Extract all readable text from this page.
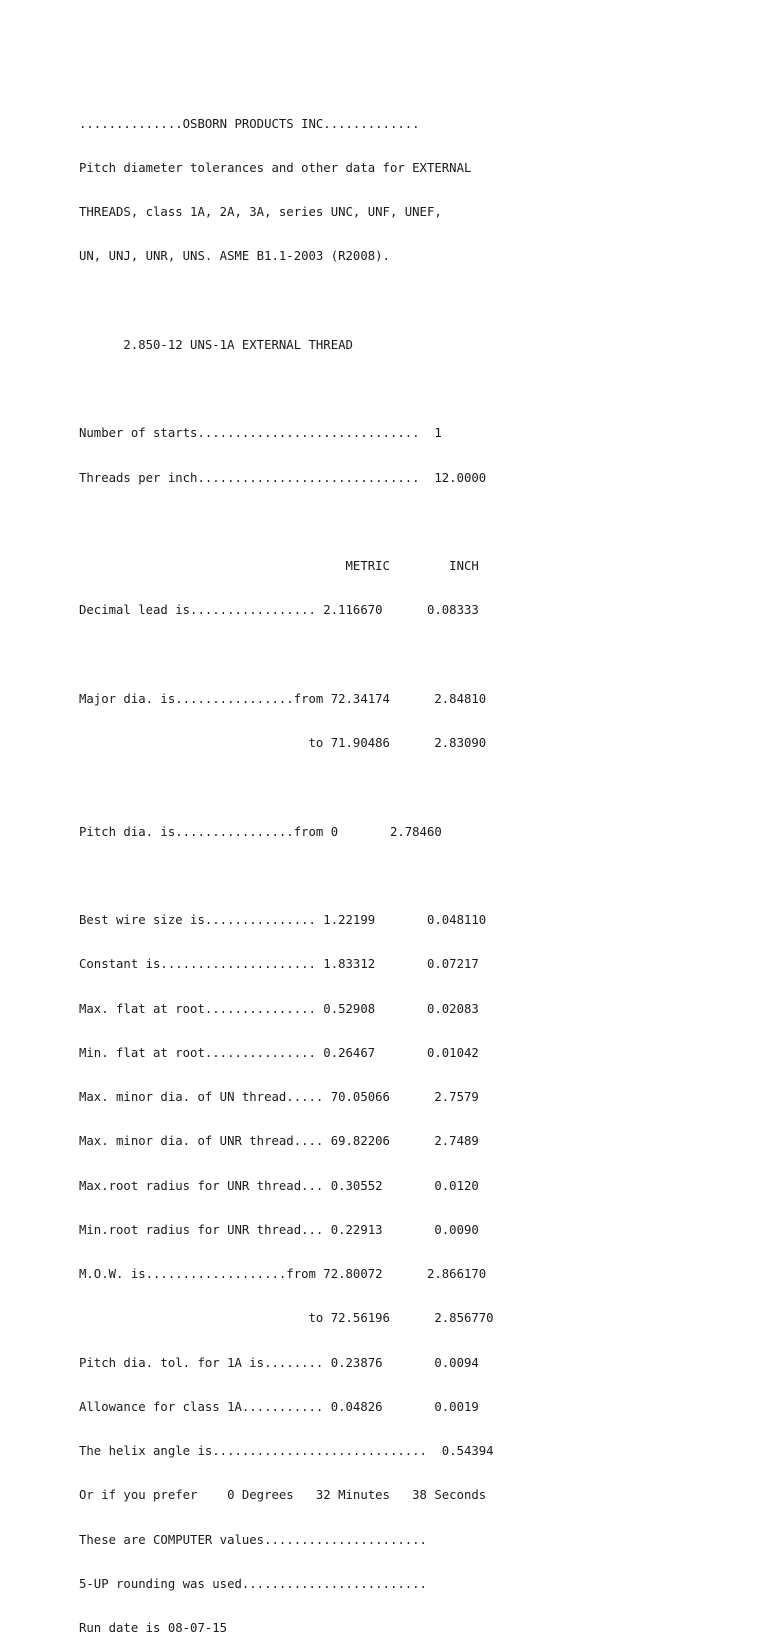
..............OSBORN PRODUCTS INC.............

Pitch diameter tolerances and other data for EXTERNAL

THREADS, class 1A, 2A, 3A, series UNC, UNF, UNEF,

UN, UNJ, UNR, UNS. ASME B1.1-2003 (R2008).

2.850-12 UNS-1A EXTERNAL THREAD

Number of starts..............................  1

Threads per inch..............................  12.0000

METRIC        INCH

Decimal lead is................. 2.116670      0.08333

Major dia. is................from 72.34174      2.84810

to 71.90486      2.83090

Pitch dia. is................from 0       2.78460

Best wire size is............... 1.22199       0.048110

Constant is..................... 1.83312       0.07217

Max. flat at root............... 0.52908       0.02083

Min. flat at root............... 0.26467       0.01042

Max. minor dia. of UN thread..... 70.05066      2.7579

Max. minor dia. of UNR thread.... 69.82206      2.7489

Max.root radius for UNR thread... 0.30552       0.0120

Min.root radius for UNR thread... 0.22913       0.0090

M.O.W. is...................from 72.80072      2.866170

to 72.56196      2.856770

Pitch dia. tol. for 1A is........ 0.23876       0.0094

Allowance for class 1A........... 0.04826       0.0019

The helix angle is.............................  0.54394

Or if you prefer    0 Degrees   32 Minutes   38 Seconds

These are COMPUTER values......................

5-UP rounding was used.........................

Run date is 08-07-15
